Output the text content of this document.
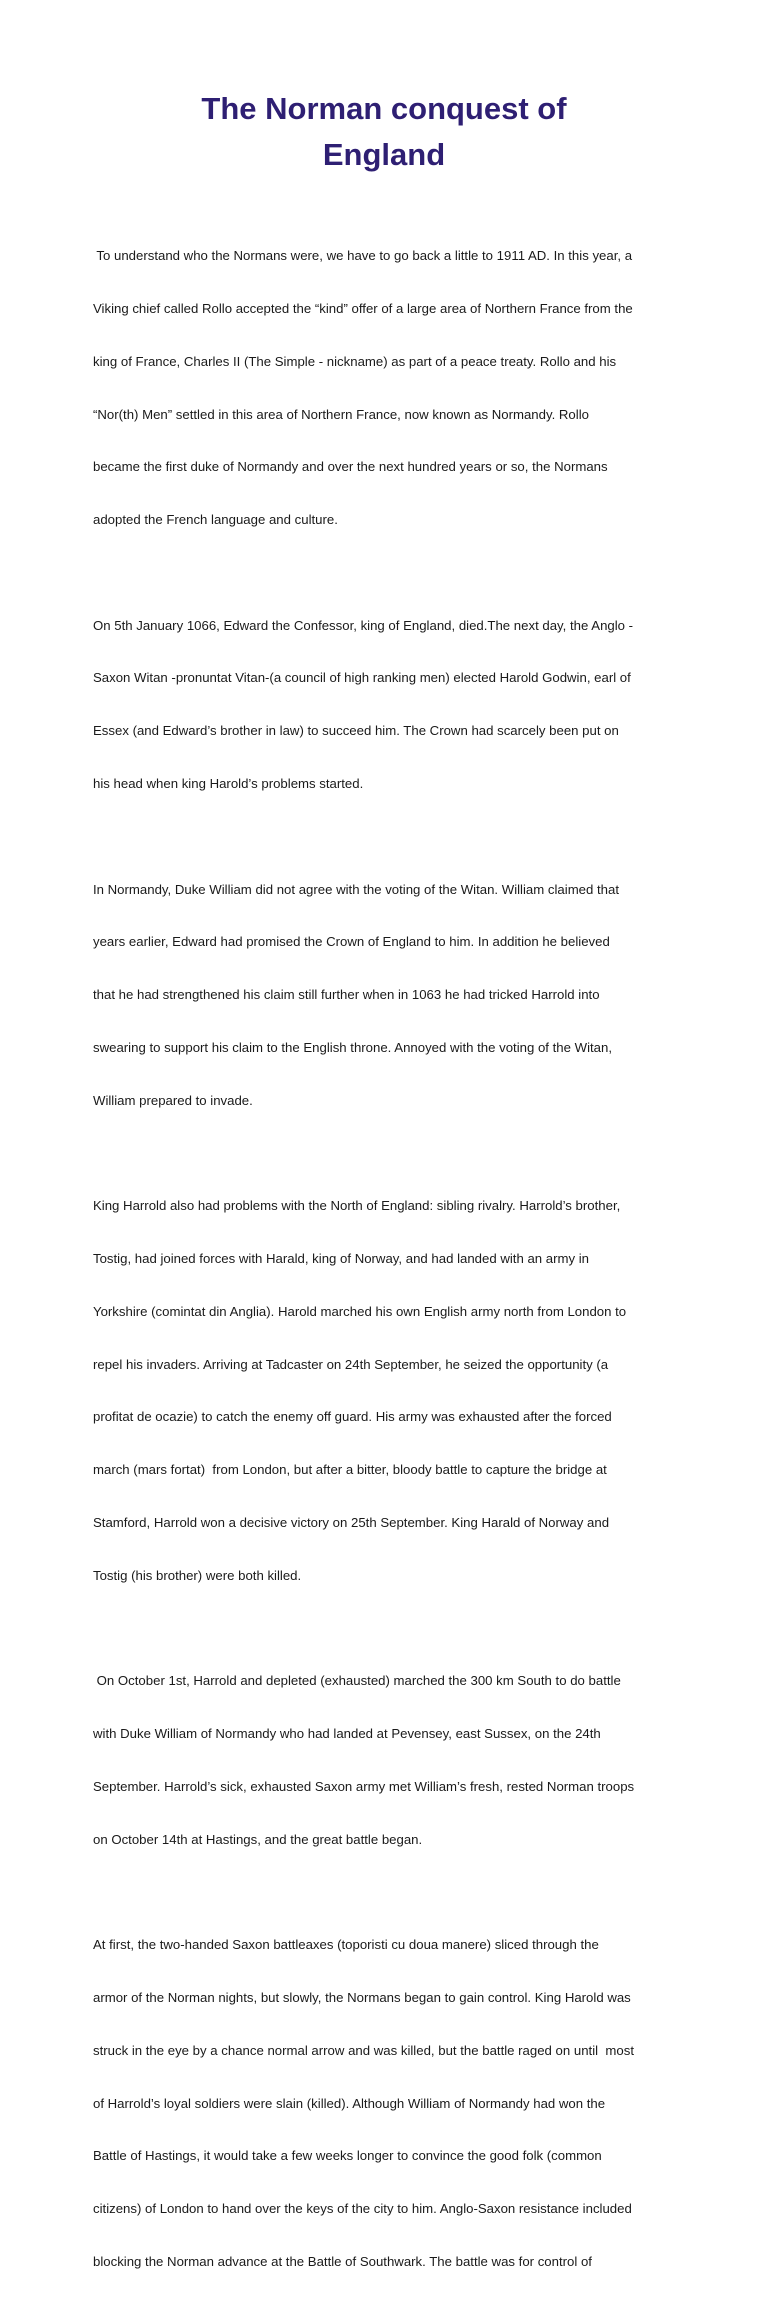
The Norman conquest of
England

To understand who the Normans were, we have to go back a little to 1911 AD. In this year, a

Viking chief called Rollo accepted the “kind” offer of a large area of Northern France from the

king of France, Charles II (The Simple - nickname) as part of a peace treaty. Rollo and his

“Nor(th) Men” settled in this area of Northern France, now known as Normandy. Rollo

became the first duke of Normandy and over the next hundred years or so, the Normans

adopted the French language and culture.

On 5th January 1066, Edward the Confessor, king of England, died.The next day, the Anglo -

Saxon Witan -pronuntat Vitan-(a council of high ranking men) elected Harold Godwin, earl of

Essex (and Edward’s brother in law) to succeed him. The Crown had scarcely been put on

his head when king Harold’s problems started.

In Normandy, Duke William did not agree with the voting of the Witan. William claimed that

years earlier, Edward had promised the Crown of England to him. In addition he believed

that he had strengthened his claim still further when in 1063 he had tricked Harrold into

swearing to support his claim to the English throne. Annoyed with the voting of the Witan,

William prepared to invade.

King Harrold also had problems with the North of England: sibling rivalry. Harrold’s brother,

Tostig, had joined forces with Harald, king of Norway, and had landed with an army in

Yorkshire (comintat din Anglia). Harold marched his own English army north from London to

repel his invaders. Arriving at Tadcaster on 24th September, he seized the opportunity (a

profitat de ocazie) to catch the enemy off guard. His army was exhausted after the forced

march (mars fortat)  from London, but after a bitter, bloody battle to capture the bridge at

Stamford, Harrold won a decisive victory on 25th September. King Harald of Norway and

Tostig (his brother) were both killed.

On October 1st, Harrold and depleted (exhausted) marched the 300 km South to do battle

with Duke William of Normandy who had landed at Pevensey, east Sussex, on the 24th

September. Harrold’s sick, exhausted Saxon army met William’s fresh, rested Norman troops

on October 14th at Hastings, and the great battle began.

At first, the two-handed Saxon battleaxes (toporisti cu doua manere) sliced through the

armor of the Norman nights, but slowly, the Normans began to gain control. King Harold was

struck in the eye by a chance normal arrow and was killed, but the battle raged on until  most

of Harrold’s loyal soldiers were slain (killed). Although William of Normandy had won the

Battle of Hastings, it would take a few weeks longer to convince the good folk (common

citizens) of London to hand over the keys of the city to him. Anglo-Saxon resistance included

blocking the Norman advance at the Battle of Southwark. The battle was for control of
